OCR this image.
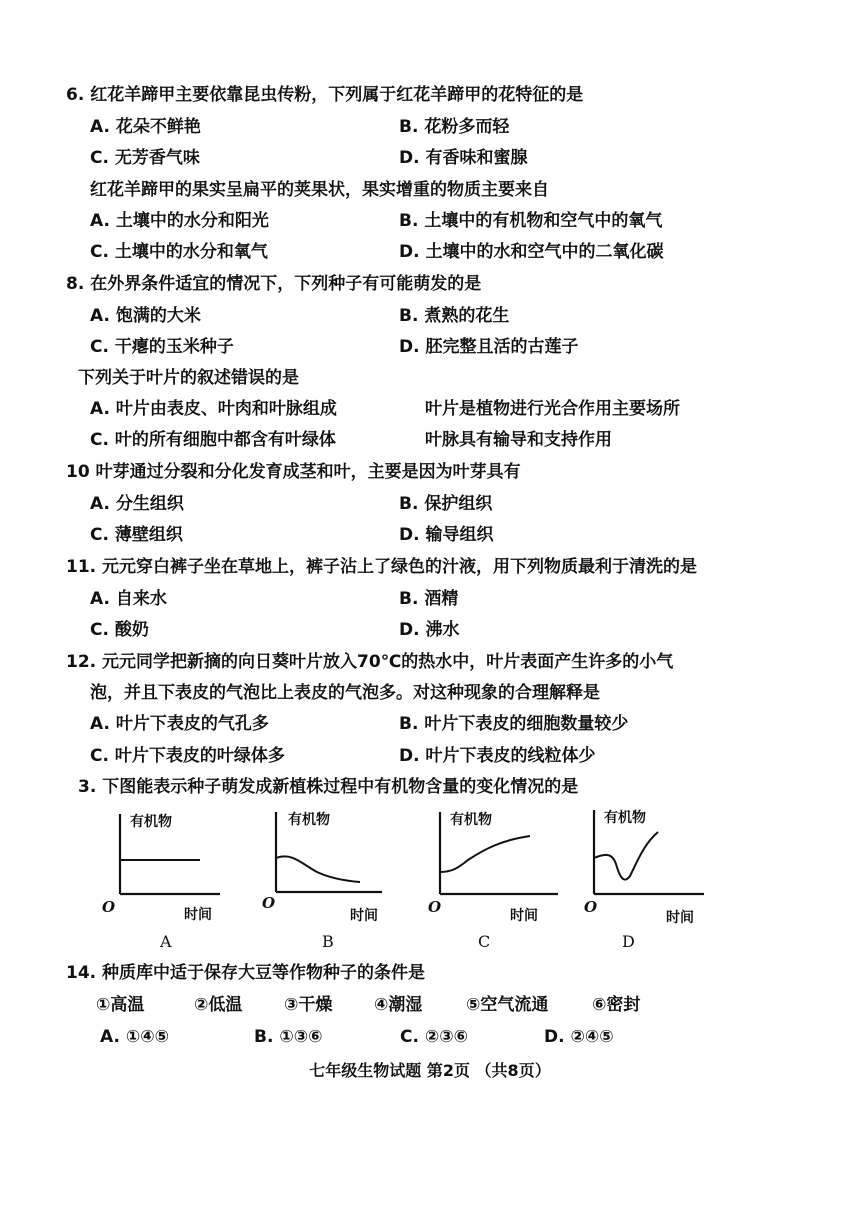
6. 红花羊蹄甲主要依靠昆虫传粉，下列属于红花羊蹄甲的花特征的是
A. 花朵不鲜艳	B. 花粉多而轻
C. 无芳香气味	D. 有香味和蜜腺
红花羊蹄甲的果实呈扁平的荚果状，果实增重的物质主要来自
A. 土壤中的水分和阳光	B. 土壤中的有机物和空气中的氧气
C. 土壤中的水分和氧气	D. 土壤中的水和空气中的二氧化碳
8. 在外界条件适宜的情况下，下列种子有可能萌发的是
A. 饱满的大米	B. 煮熟的花生
C. 干瘪的玉米种子	D. 胚完整且活的古莲子
下列关于叶片的叙述错误的是
A. 叶片由表皮、叶肉和叶脉组成	叶片是植物进行光合作用主要场所
C. 叶的所有细胞中都含有叶绿体	叶脉具有输导和支持作用
10 叶芽通过分裂和分化发育成茎和叶，主要是因为叶芽具有
A. 分生组织	B. 保护组织
C. 薄壁组织	D. 输导组织
11. 元元穿白裤子坐在草地上，裤子沾上了绿色的汁液，用下列物质最利于清洗的是
A. 自来水	B. 酒精
C. 酸奶	D. 沸水
12. 元元同学把新摘的向日葵叶片放入70℃的热水中，叶片表面产生许多的小气
泡，并且下表皮的气泡比上表皮的气泡多。对这种现象的合理解释是
A. 叶片下表皮的气孔多	B. 叶片下表皮的细胞数量较少
C. 叶片下表皮的叶绿体多	D. 叶片下表皮的线粒体少
3. 下图能表示种子萌发成新植株过程中有机物含量的变化情况的是
有机物
O	时间
A
有机物
O
时间
B
有机物
O	时间
C
有机物
O
时间
D
14. 种质库中适于保存大豆等作物种子的条件是
①高温	②低温 ③干燥 ④潮湿	⑤空气流通	⑥密封
A. ①④⑤	B. ①③⑥	C. ②③⑥	D. ②④⑤
七年级生物试题 第2页 （共8页）
